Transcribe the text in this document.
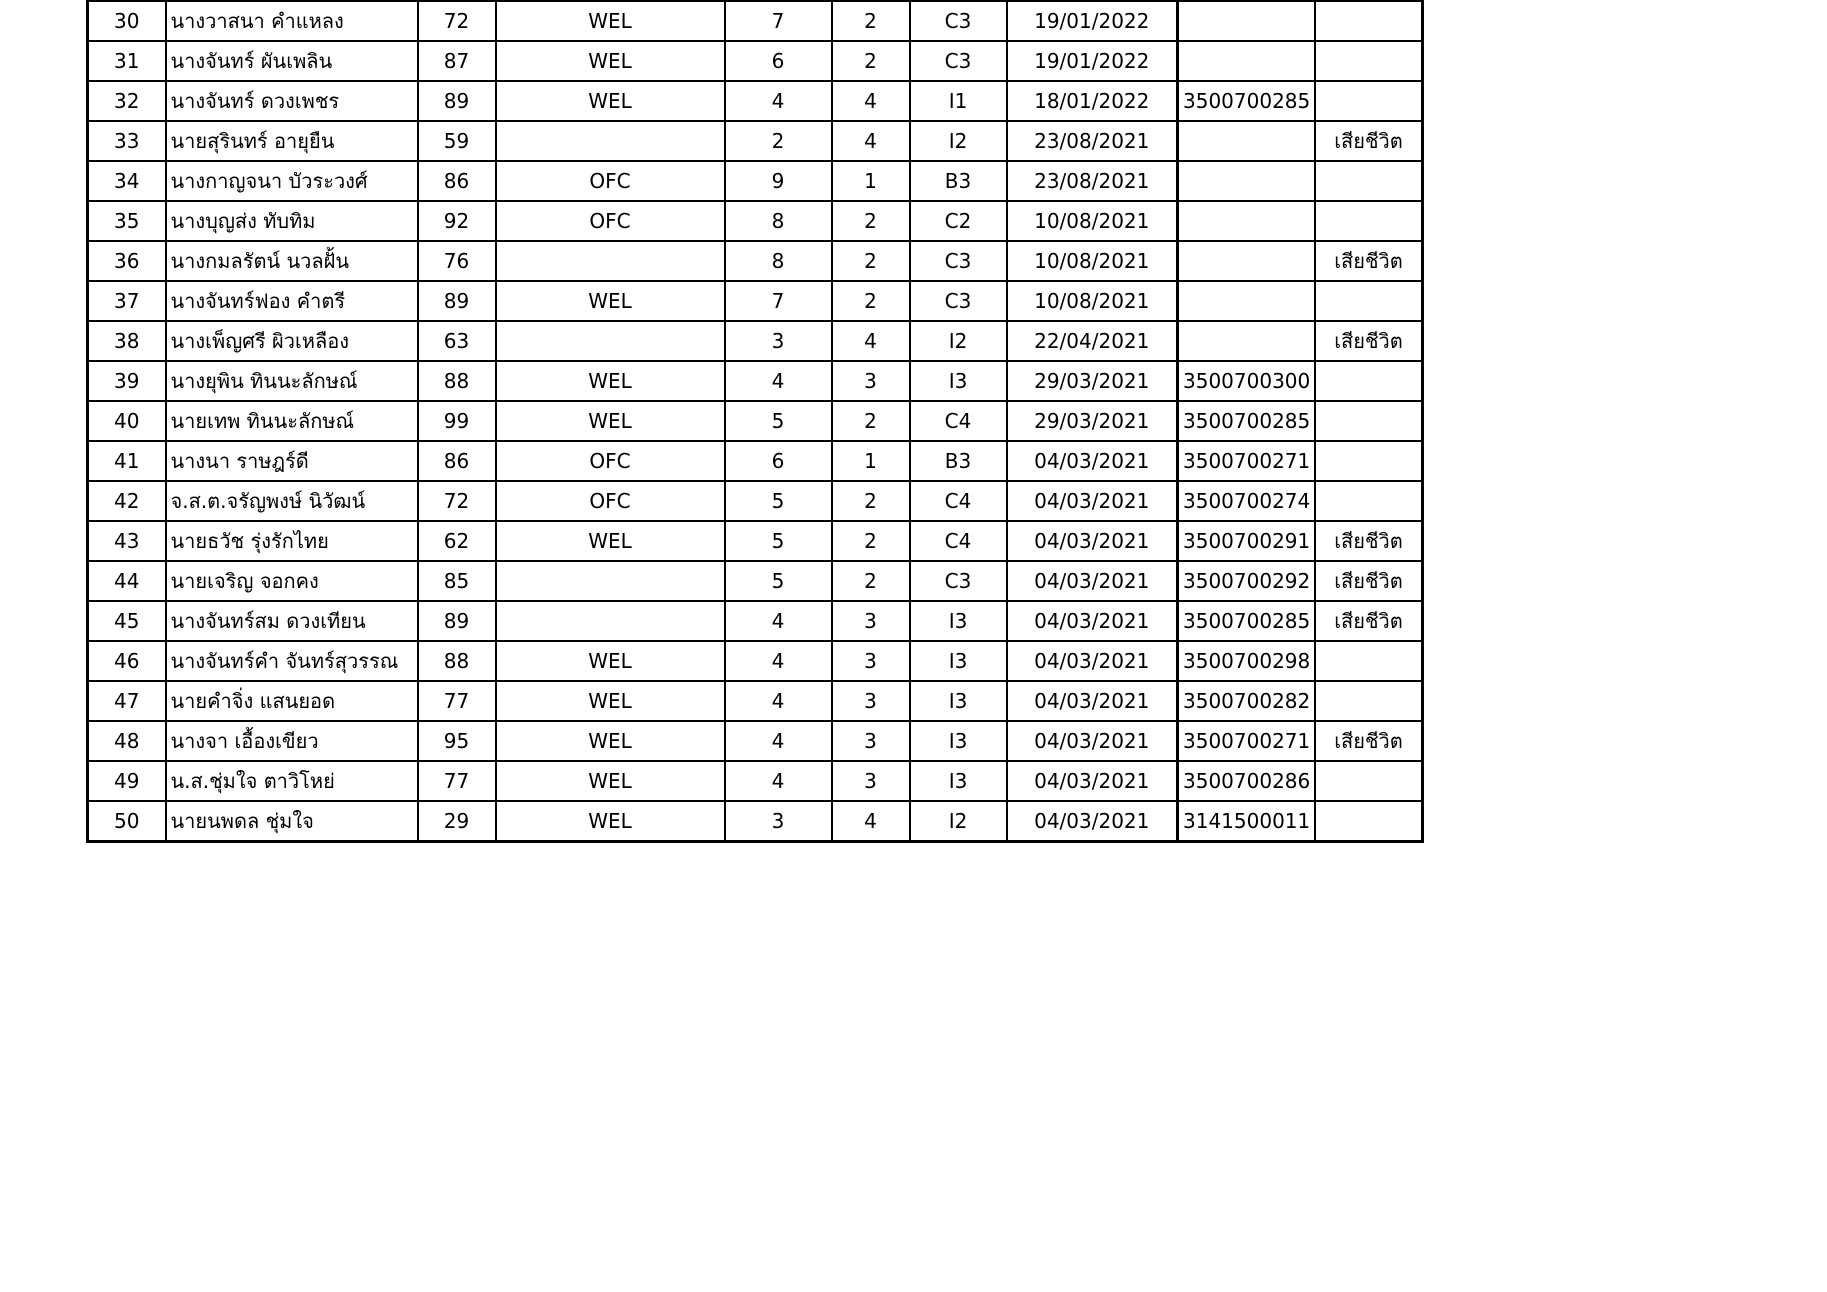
30	นางวาสนา คำแหลง	72	WEL	7	2	C3	19/01/2022		
31	นางจันทร์ ผันเพลิน	87	WEL	6	2	C3	19/01/2022		
32	นางจันทร์ ดวงเพชร	89	WEL	4	4	I1	18/01/2022	3500700285	
33	นายสุรินทร์ อายุยืน	59		2	4	I2	23/08/2021		เสียชีวิต
34	นางกาญจนา บัวระวงศ์	86	OFC	9	1	B3	23/08/2021		
35	นางบุญส่ง ทับทิม	92	OFC	8	2	C2	10/08/2021		
36	นางกมลรัตน์ นวลฝั้น	76		8	2	C3	10/08/2021		เสียชีวิต
37	นางจันทร์ฟอง คำตรี	89	WEL	7	2	C3	10/08/2021		
38	นางเพ็ญศรี ผิวเหลือง	63		3	4	I2	22/04/2021		เสียชีวิต
39	นางยุพิน ทินนะลักษณ์	88	WEL	4	3	I3	29/03/2021	3500700300	
40	นายเทพ ทินนะลักษณ์	99	WEL	5	2	C4	29/03/2021	3500700285	
41	นางนา ราษฎร์ดี	86	OFC	6	1	B3	04/03/2021	3500700271	
42	จ.ส.ต.จรัญพงษ์ นิวัฒน์	72	OFC	5	2	C4	04/03/2021	3500700274	
43	นายธวัช รุ่งรักไทย	62	WEL	5	2	C4	04/03/2021	3500700291	เสียชีวิต
44	นายเจริญ จอกคง	85		5	2	C3	04/03/2021	3500700292	เสียชีวิต
45	นางจันทร์สม ดวงเทียน	89		4	3	I3	04/03/2021	3500700285	เสียชีวิต
46	นางจันทร์คำ จันทร์สุวรรณ	88	WEL	4	3	I3	04/03/2021	3500700298	
47	นายคำจิ่ง แสนยอด	77	WEL	4	3	I3	04/03/2021	3500700282	
48	นางจา เอื้องเขียว	95	WEL	4	3	I3	04/03/2021	3500700271	เสียชีวิต
49	น.ส.ชุ่มใจ ตาวิโหย่	77	WEL	4	3	I3	04/03/2021	3500700286	
50	นายนพดล ชุ่มใจ	29	WEL	3	4	I2	04/03/2021	3141500011	
